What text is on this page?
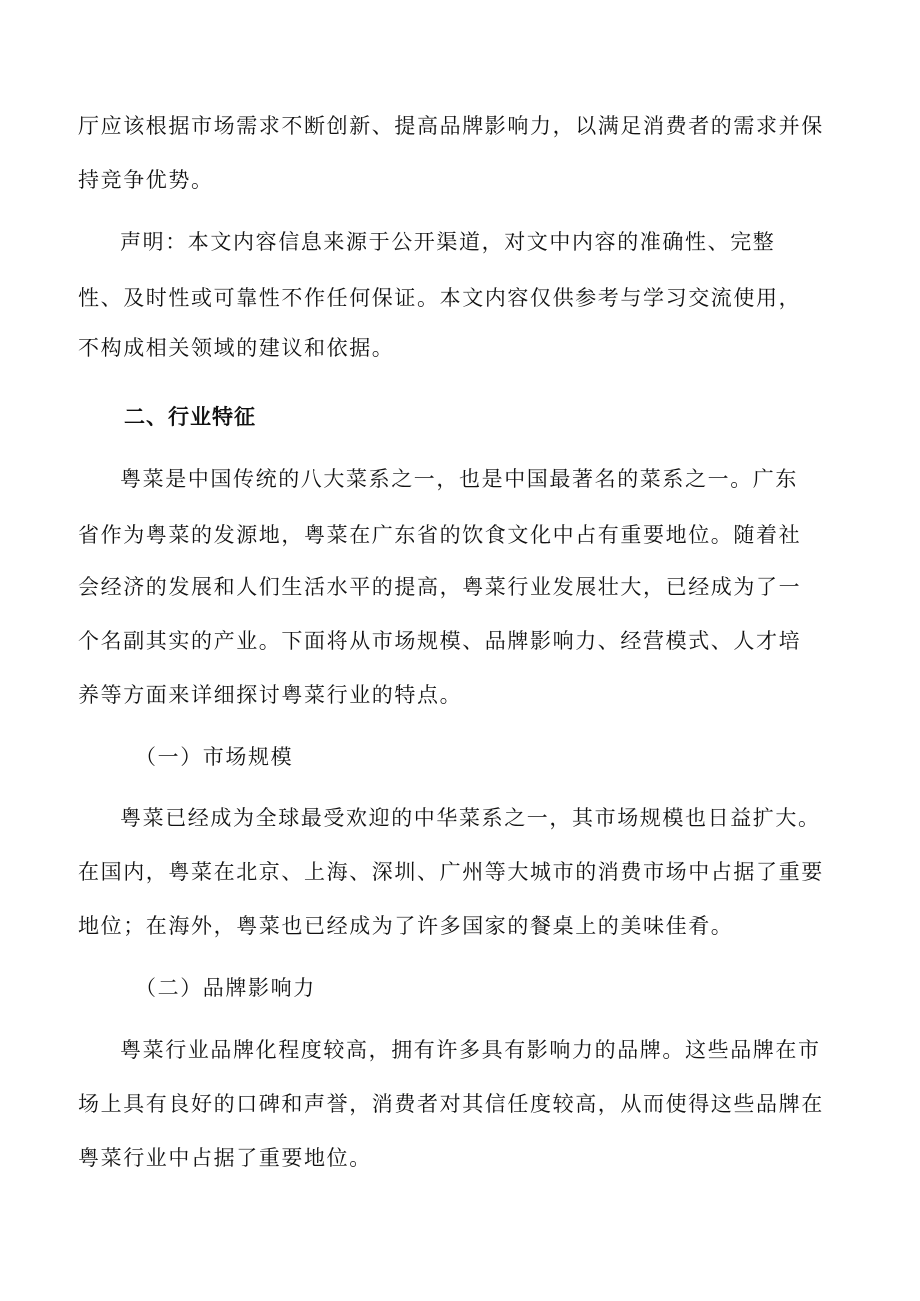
厅应该根据市场需求不断创新、提高品牌影响力，以满足消费者的需求并保
持竞争优势。
声明：本文内容信息来源于公开渠道，对文中内容的准确性、完整
性、及时性或可靠性不作任何保证。本文内容仅供参考与学习交流使用，
不构成相关领域的建议和依据。
二、行业特征
粤菜是中国传统的八大菜系之一，也是中国最著名的菜系之一。广东
省作为粤菜的发源地，粤菜在广东省的饮食文化中占有重要地位。随着社
会经济的发展和人们生活水平的提高，粤菜行业发展壮大，已经成为了一
个名副其实的产业。下面将从市场规模、品牌影响力、经营模式、人才培
养等方面来详细探讨粤菜行业的特点。
（一）市场规模
粤菜已经成为全球最受欢迎的中华菜系之一，其市场规模也日益扩大。
在国内，粤菜在北京、上海、深圳、广州等大城市的消费市场中占据了重要
地位；在海外，粤菜也已经成为了许多国家的餐桌上的美味佳肴。
（二）品牌影响力
粤菜行业品牌化程度较高，拥有许多具有影响力的品牌。这些品牌在市
场上具有良好的口碑和声誉，消费者对其信任度较高，从而使得这些品牌在
粤菜行业中占据了重要地位。
